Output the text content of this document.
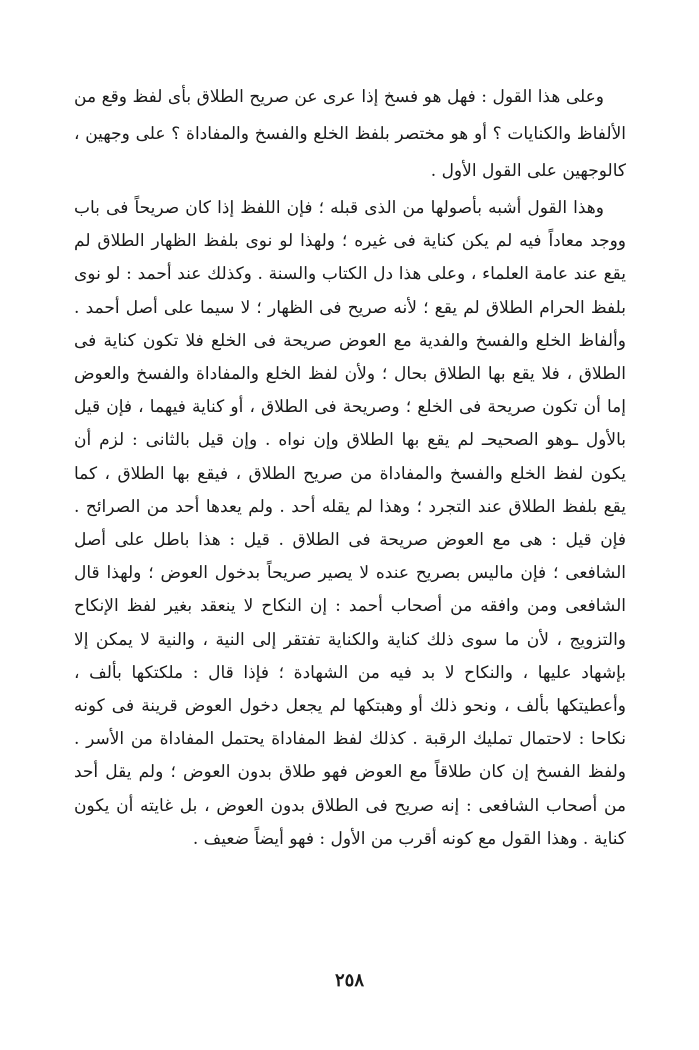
وعلى هذا القول : فهل هو فسخ إذا عرى عن صريح الطلاق بأى لفظ وقع من الألفاظ والكنايات ؟ أو هو مختصر بلفظ الخلع والفسخ والمفاداة ؟ على وجهين ، كالوجهين على القول الأول .

وهذا القول أشبه بأصولها من الذى قبله ؛ فإن اللفظ إذا كان صريحاً فى باب ووجد معاداً فيه لم يكن كناية فى غيره ؛ ولهذا لو نوى بلفظ الظهار الطلاق لم يقع عند عامة العلماء ، وعلى هذا دل الكتاب والسنة . وكذلك عند أحمد : لو نوى بلفظ الحرام الطلاق لم يقع ؛ لأنه صريح فى الظهار ؛ لا سيما على أصل أحمد . وألفاظ الخلع والفسخ والفدية مع العوض صريحة فى الخلع فلا تكون كناية فى الطلاق ، فلا يقع بها الطلاق بحال ؛ ولأن لفظ الخلع والمفاداة والفسخ والعوض إما أن تكون صريحة فى الخلع ؛ وصريحة فى الطلاق ، أو كناية فيهما ، فإن قيل بالأول ـوهو الصحيحـ لم يقع بها الطلاق وإن نواه . وإن قيل بالثانى : لزم أن يكون لفظ الخلع والفسخ والمفاداة من صريح الطلاق ، فيقع بها الطلاق ، كما يقع بلفظ الطلاق عند التجرد ؛ وهذا لم يقله أحد . ولم يعدها أحد من الصرائح . فإن قيل : هى مع العوض صريحة فى الطلاق . قيل : هذا باطل على أصل الشافعى ؛ فإن ماليس بصريح عنده لا يصير صريحاً بدخول العوض ؛ ولهذا قال الشافعى ومن وافقه من أصحاب أحمد : إن النكاح لا ينعقد بغير لفظ الإنكاح والتزويج ، لأن ما سوى ذلك كناية والكناية تفتقر إلى النية ، والنية لا يمكن إلا بإشهاد عليها ، والنكاح لا بد فيه من الشهادة ؛ فإذا قال : ملكتكها بألف ، وأعطيتكها بألف ، ونحو ذلك أو وهبتكها لم يجعل دخول العوض قرينة فى كونه نكاحا : لاحتمال تمليك الرقبة . كذلك لفظ المفاداة يحتمل المفاداة من الأسر . ولفظ الفسخ إن كان طلاقاً مع العوض فهو طلاق بدون العوض ؛ ولم يقل أحد من أصحاب الشافعى : إنه صريح فى الطلاق بدون العوض ، بل غايته أن يكون كناية . وهذا القول مع كونه أقرب من الأول : فهو أيضاً ضعيف .

٢٥٨
